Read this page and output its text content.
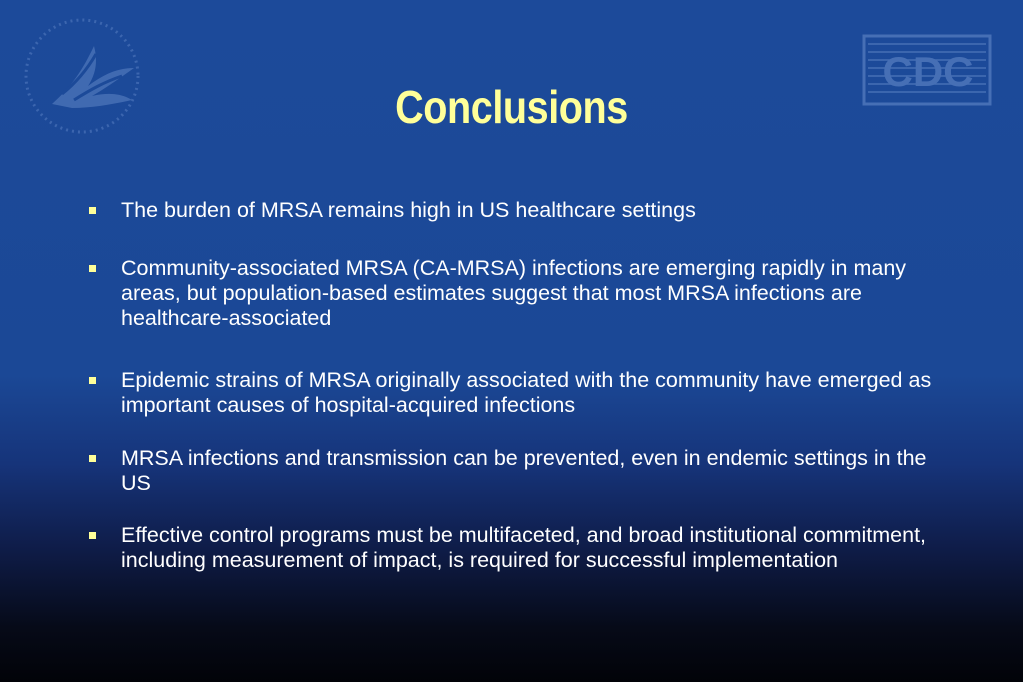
CDC
Conclusions
The burden of MRSA remains high in US healthcare settings
Community-associated MRSA (CA-MRSA) infections are emerging rapidly in many areas, but population-based estimates suggest that most MRSA infections are healthcare-associated
Epidemic strains of MRSA originally associated with the community have emerged as important causes of hospital-acquired infections
MRSA infections and transmission can be prevented, even in endemic settings in the US
Effective control programs must be multifaceted, and broad institutional commitment, including measurement of impact, is required for successful implementation
